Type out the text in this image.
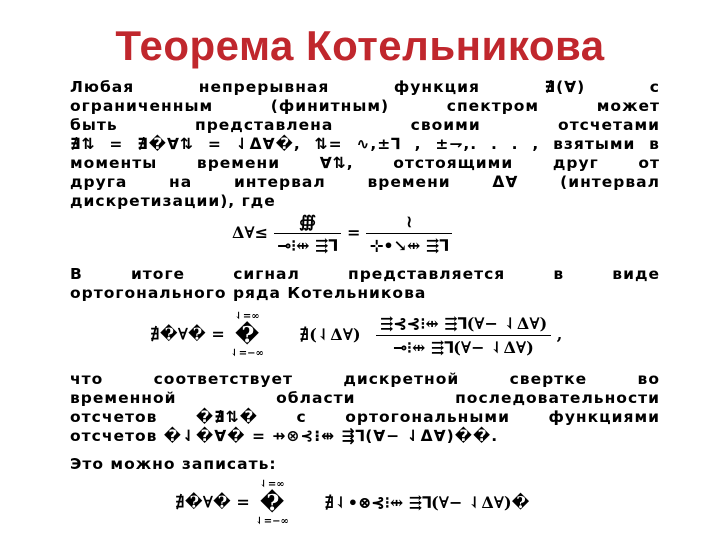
Теорема Котельникова
Любая непрерывная функция ∄(∀) с
ограниченным (финитным) спектром может
быть представлена своими отсчетами
∄⇅ = ∄�∀⇅ = ⇃Δ∀�, ⇅= ∿,±⅂ , ±⇁,. . . , взятыми в
моменты времени ∀⇅, отстоящими друг от
друга на интервал времени Δ∀ (интервал
дискретизации), где
Δ∀≤ $\frac{∰}{⊸⁝⇹ ⇶⅂} = \frac{≀}{⊹•↘⇹ ⇶⅂}$
В итоге сигнал представляется в виде
ортогонального ряда Котельникова
∄�∀� =
⇃=∞
�
⇃=−∞
∄(⇃Δ∀) $\frac{⇶⊰⊰⁝⇹ ⇶⅂(\forall- ⇃\Delta\forall)}{⊸⁝⇹ ⇶⅂(\forall- ⇃\Delta\forall)}$ ,
что соответствует дискретной свертке во
временной области последовательности
отсчетов �∄⇅� с ортогональными функциями
отсчетов �⇃�∀� = ⇸⊗⊰⁝⇹ ⇶⅂(∀− ⇃Δ∀)��.
Это можно записать:
∄�∀� =
⇃=∞
�
⇃=−∞
∄⇃•⊗⊰⁝⇹ ⇶⅂(∀− ⇃Δ∀)�
